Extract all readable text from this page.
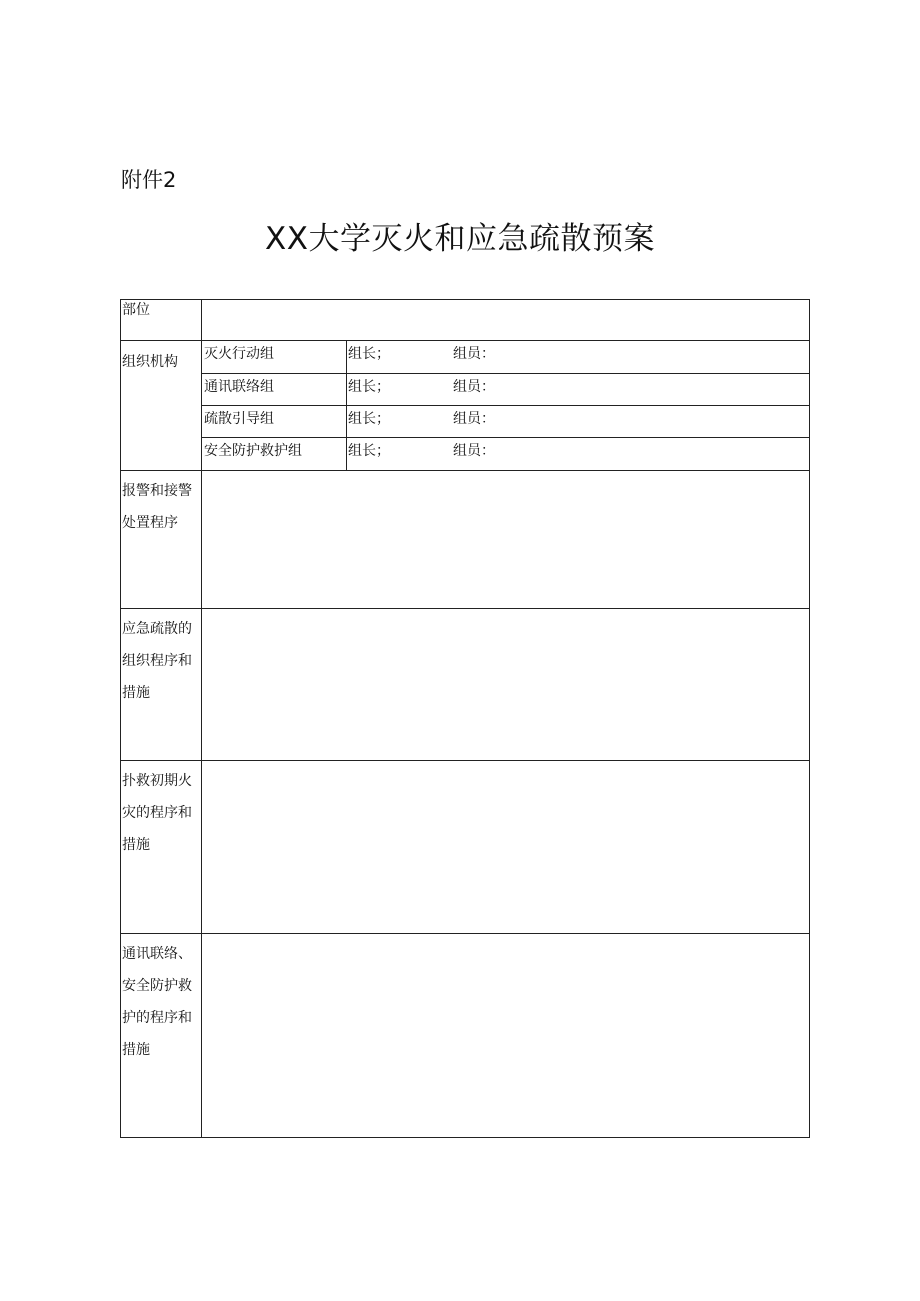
附件2
XX大学灭火和应急疏散预案
部位		

组织机构	灭火行动组	组长； 组员：

	通讯联络组	组长； 组员：

	疏散引导组	组长； 组员：

	安全防护救护组	组长； 组员：

报警和接警处置程序		

应急疏散的组织程序和措施		

扑救初期火灾的程序和措施		

通讯联络、安全防护救护的程序和措施		
